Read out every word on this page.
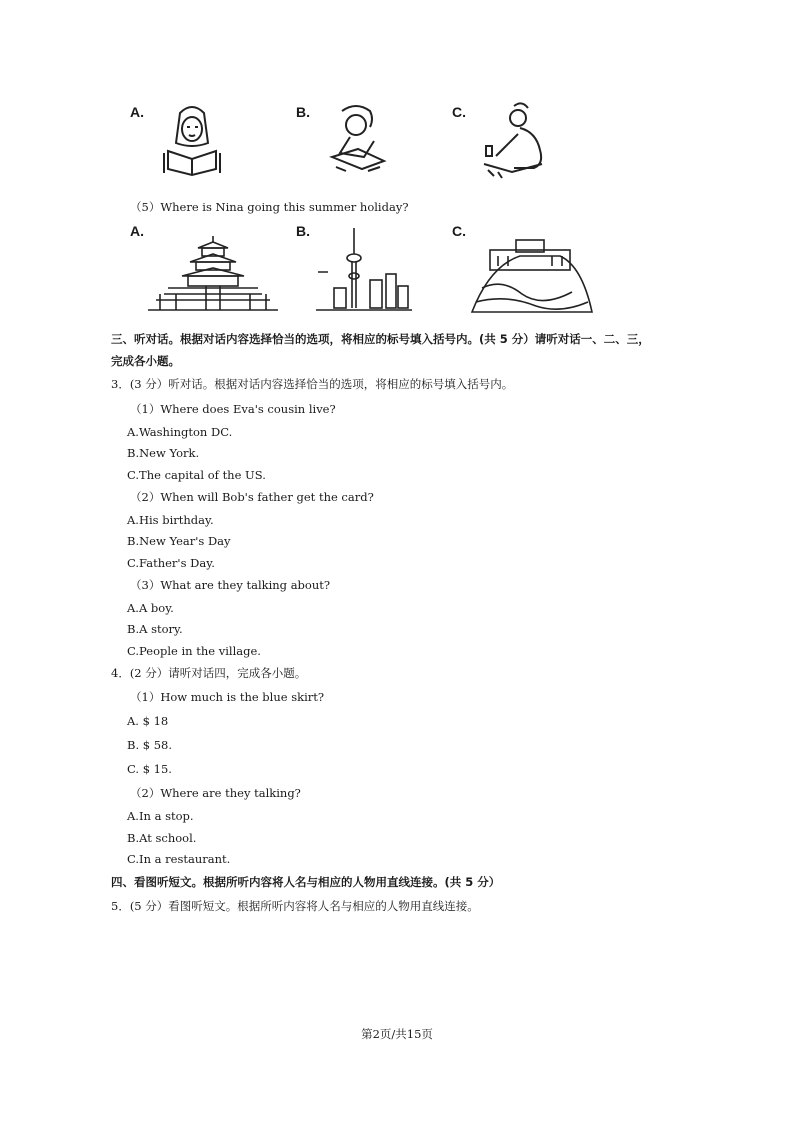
A.	B.	C.
（5）Where is Nina going this summer holiday?
A.	B.	C.
三、听对话。根据对话内容选择恰当的选项，将相应的标号填入括号内。(共 5 分）请听对话一、二、三，
完成各小题。
3．(3 分）听对话。根据对话内容选择恰当的选项，将相应的标号填入括号内。
（1）Where does Eva's cousin live?
A.Washington DC.
B.New York.
C.The capital of the US.
（2）When will Bob's father get the card?
A.His birthday.
B.New Year's Day
C.Father's Day.
（3）What are they talking about?
A.A boy.
B.A story.
C.People in the village.
4．(2 分）请听对话四，完成各小题。
（1）How much is the blue skirt?
A. $ 18
B. $ 58.
C. $ 15.
（2）Where are they talking?
A.In a stop.
B.At school.
C.In a restaurant.
四、看图听短文。根据所听内容将人名与相应的人物用直线连接。(共 5 分）
5．(5 分）看图听短文。根据所听内容将人名与相应的人物用直线连接。
第2页/共15页
